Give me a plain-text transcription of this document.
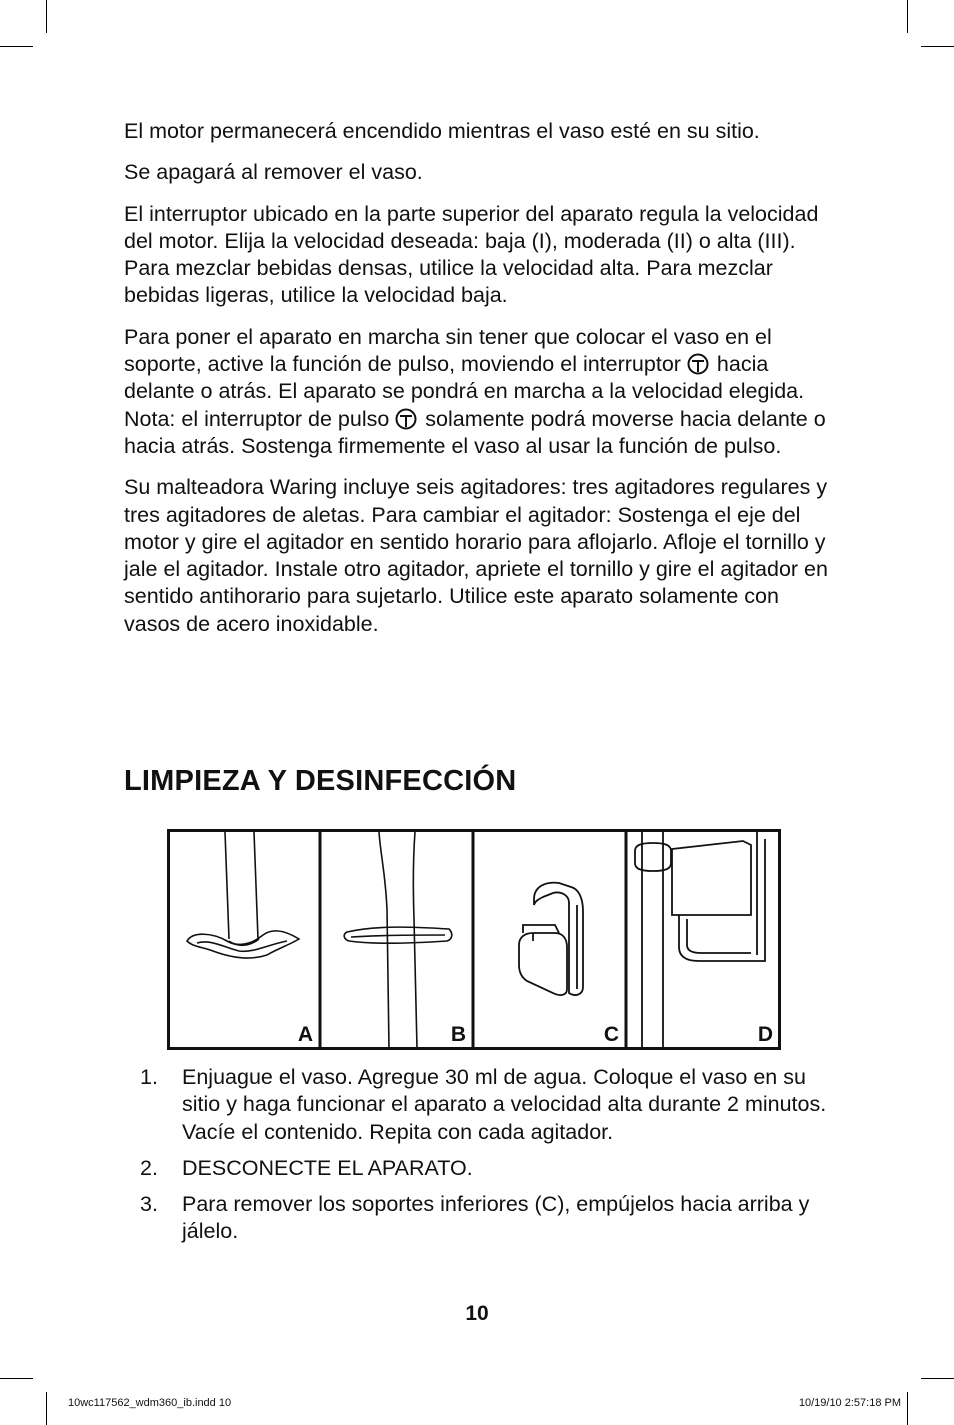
El motor permanecerá encendido mientras el vaso esté en su sitio.

Se apagará al remover el vaso.

El interruptor ubicado en la parte superior del aparato regula la velocidad del motor. Elija la velocidad deseada: baja (I), moderada (II) o alta (III). Para mezclar bebidas densas, utilice la velocidad alta. Para mezclar bebidas ligeras, utilice la velocidad baja.

Para poner el aparato en marcha sin tener que colocar el vaso en el soporte, active la función de pulso, moviendo el interruptor hacia delante o atrás. El aparato se pondrá en marcha a la velocidad elegida. Nota: el interruptor de pulso solamente podrá moverse hacia delante o hacia atrás. Sostenga firmemente el vaso al usar la función de pulso.

Su malteadora Waring incluye seis agitadores: tres agitadores regulares y tres agitadores de aletas. Para cambiar el agitador: Sostenga el eje del motor y gire el agitador en sentido horario para aflojarlo. Afloje el tornillo y jale el agitador. Instale otro agitador, apriete el tornillo y gire el agitador en sentido antihorario para sujetarlo. Utilice este aparato solamente con vasos de acero inoxidable.

LIMPIEZA Y DESINFECCIÓN
A	B	C	D
1. Enjuague el vaso. Agregue 30 ml de agua. Coloque el vaso en su sitio y haga funcionar el aparato a velocidad alta durante 2 minutos. Vacíe el contenido. Repita con cada agitador.
2. DESCONECTE EL APARATO.
3. Para remover los soportes inferiores (C), empújelos hacia arriba y jálelo.
10
10wc117562_wdm360_ib.indd 10	10/19/10 2:57:18 PM
